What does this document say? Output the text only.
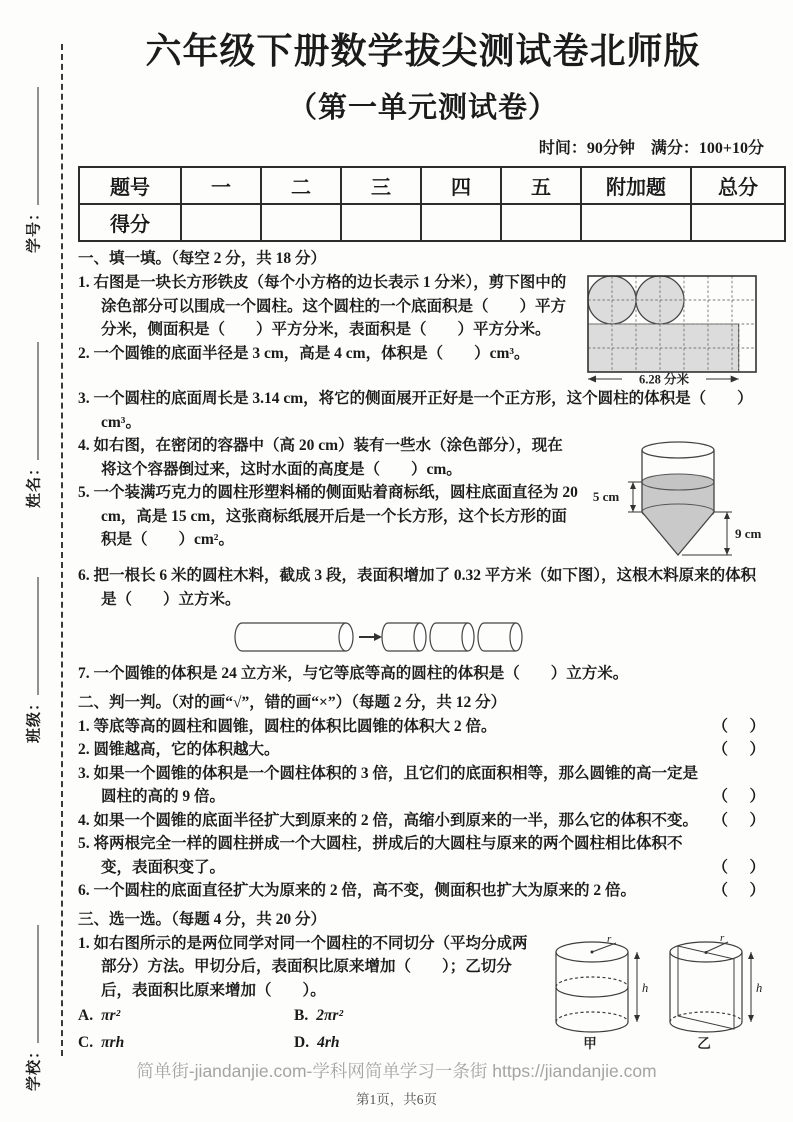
学号：
姓名：
班级：
学校：
六年级下册数学拔尖测试卷北师版
（第一单元测试卷）
时间：90分钟　满分：100+10分
题号	一	二	三	四	五	附加题	总分
得分							
一、填一填。（每空 2 分，共 18 分）
6.28 分米
1. 右图是一块长方形铁皮（每个小方格的边长表示 1 分米），剪下图中的涂色部分可以围成一个圆柱。这个圆柱的一个底面积是（　　）平方分米，侧面积是（　　）平方分米，表面积是（　　）平方分米。
2. 一个圆锥的底面半径是 3 cm，高是 4 cm，体积是（　　）cm³。
3. 一个圆柱的底面周长是 3.14 cm，将它的侧面展开正好是一个正方形，这个圆柱的体积是（　　）cm³。
5 cm
9 cm
4. 如右图，在密闭的容器中（高 20 cm）装有一些水（涂色部分），现在将这个容器倒过来，这时水面的高度是（　　）cm。
5. 一个装满巧克力的圆柱形塑料桶的侧面贴着商标纸，圆柱底面直径为 20 cm，高是 15 cm，这张商标纸展开后是一个长方形，这个长方形的面积是（　　）cm²。
6. 把一根长 6 米的圆柱木料，截成 3 段，表面积增加了 0.32 平方米（如下图），这根木料原来的体积是（　　）立方米。
7. 一个圆锥的体积是 24 立方米，与它等底等高的圆柱的体积是（　　）立方米。
二、判一判。（对的画“√”，错的画“×”）（每题 2 分，共 12 分）
1. 等底等高的圆柱和圆锥，圆柱的体积比圆锥的体积大 2 倍。	（　）
2. 圆锥越高，它的体积越大。	（　）
3. 如果一个圆锥的体积是一个圆柱体积的 3 倍，且它们的底面积相等，那么圆锥的高一定是圆柱的高的 9 倍。	（　）
4. 如果一个圆锥的底面半径扩大到原来的 2 倍，高缩小到原来的一半，那么它的体积不变。 （　）
5. 将两根完全一样的圆柱拼成一个大圆柱，拼成后的大圆柱与原来的两个圆柱相比体积不变，表面积变了。	（　）
6. 一个圆柱的底面直径扩大为原来的 2 倍，高不变，侧面积也扩大为原来的 2 倍。	（　）
三、选一选。（每题 4 分，共 20 分）
r
h
甲
r
h
乙
1. 如右图所示的是两位同学对同一个圆柱的不同切分（平均分成两部分）方法。甲切分后，表面积比原来增加（　　）；乙切分后，表面积比原来增加（　　）。
A. πr²	B. 2πr²
C. πrh	D. 4rh
简单街-jiandanjie.com-学科网简单学习一条街 https://jiandanjie.com
第1页，共6页
